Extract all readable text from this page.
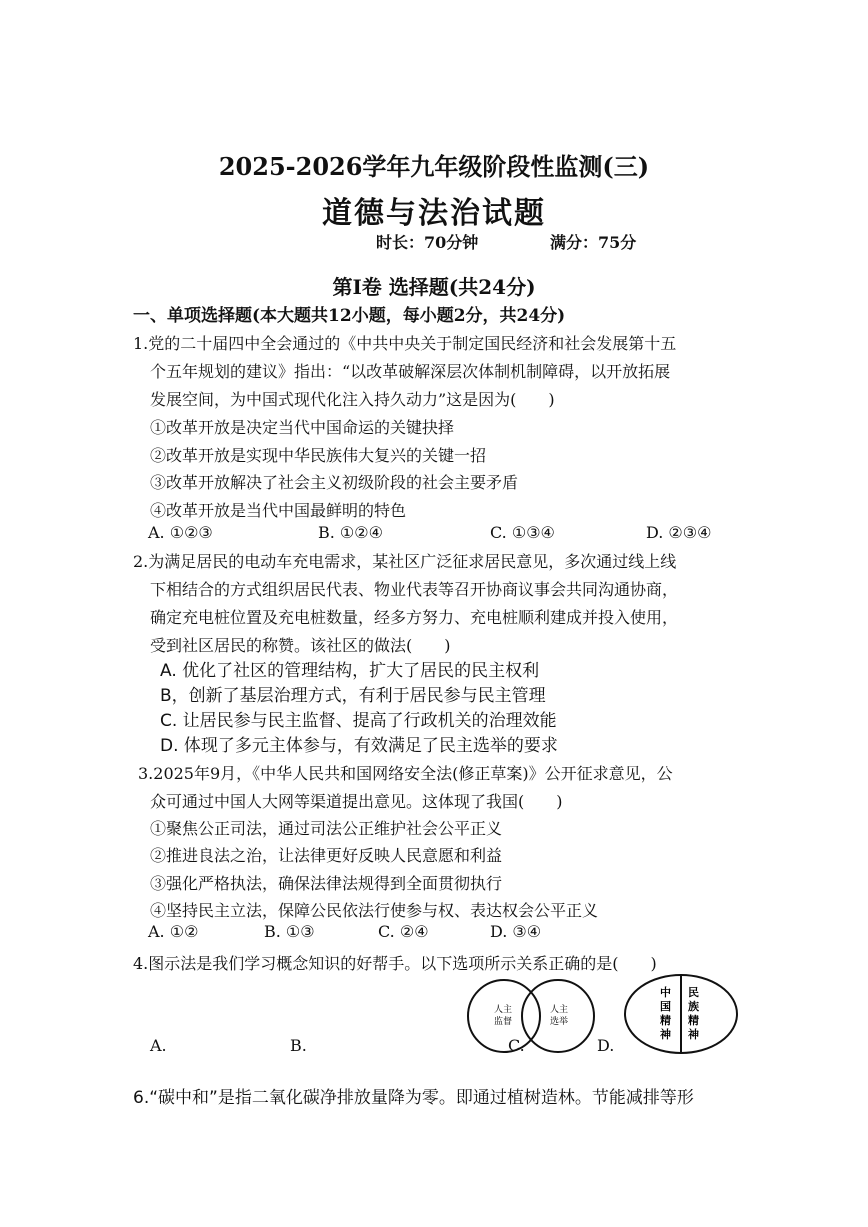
2025-2026学年九年级阶段性监测(三)
道德与法治试题
时长：70分钟	满分：75分
第Ⅰ卷 选择题(共24分)
一、单项选择题(本大题共12小题，每小题2分，共24分)
1.党的二十届四中全会通过的《中共中央关于制定国民经济和社会发展第十五
个五年规划的建议》指出：“以改革破解深层次体制机制障碍，以开放拓展
发展空间，为中国式现代化注入持久动力”这是因为(　　)
①改革开放是决定当代中国命运的关键抉择
②改革开放是实现中华民族伟大复兴的关键一招
③改革开放解决了社会主义初级阶段的社会主要矛盾
④改革开放是当代中国最鲜明的特色
A. ①②③	B. ①②④	C. ①③④	D. ②③④
2.为满足居民的电动车充电需求，某社区广泛征求居民意见，多次通过线上线
下相结合的方式组织居民代表、物业代表等召开协商议事会共同沟通协商，
确定充电桩位置及充电桩数量，经多方努力、充电桩顺利建成并投入使用，
受到社区居民的称赞。该社区的做法(　　)
A. 优化了社区的管理结构，扩大了居民的民主权利
B，创新了基层治理方式，有利于居民参与民主管理
C. 让居民参与民主监督、提高了行政机关的治理效能
D. 体现了多元主体参与，有效满足了民主选举的要求
3.2025年9月，《中华人民共和国网络安全法(修正草案)》公开征求意见，公
众可通过中国人大网等渠道提出意见。这体现了我国(　　)
①聚焦公正司法，通过司法公正维护社会公平正义
②推进良法之治，让法律更好反映人民意愿和利益
③强化严格执法，确保法律法规得到全面贯彻执行
④坚持民主立法，保障公民依法行使参与权、表达权会公平正义
A. ①②	B. ①③	C. ②④	D. ③④
4.图示法是我们学习概念知识的好帮手。以下选项所示关系正确的是(　　)
A.	B.	C.	D.
人主
监督
人主
选举
中
国
精
神
民
族
精
神
6.“碳中和”是指二氧化碳净排放量降为零。即通过植树造林。节能减排等形
